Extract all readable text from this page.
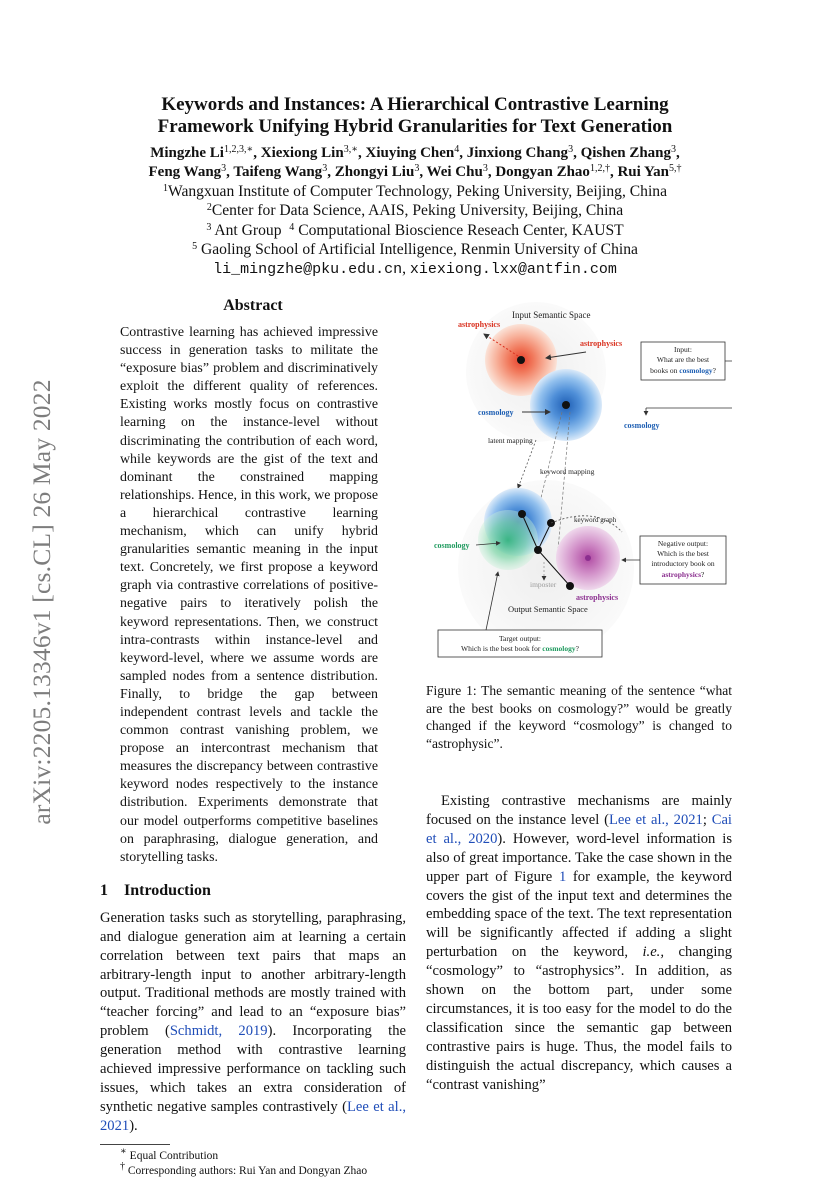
arXiv:2205.13346v1 [cs.CL] 26 May 2022
Keywords and Instances: A Hierarchical Contrastive Learning
Framework Unifying Hybrid Granularities for Text Generation
Mingzhe $Li^{1,2,3,∗}$, Xiexiong Lin$^{3,∗}$, Xiuying Chen$^4$, Jinxiong Chang$^3$, Qishen Zhang$^3$,
Feng Wang$^3$, Taifeng Wang$^3$, Zhongyi Liu$^3$, Wei Chu$^3$, Dongyan Zhao$^{1,2,\dagger}$, Rui Yan$^{5,\dagger}$
$^1$Wangxuan Institute of Computer Technology, Peking University, Beijing, China
$^2$Center for Data Science, AAIS, Peking University, Beijing, China
$^3$ Ant Group $^4$ Computational Bioscience Reseach Center, KAUST
$^5$ Gaoling School of Artificial Intelligence, Renmin University of China
li_mingzhe@pku.edu.cn, xiexiong.lxx@antfin.com
Abstract

Contrastive learning has achieved impressive success in generation tasks to militate the “exposure bias” problem and discriminatively exploit the different quality of references. Existing works mostly focus on contrastive learning on the instance-level without discriminating the contribution of each word, while keywords are the gist of the text and dominant the constrained mapping relationships. Hence, in this work, we propose a hierarchical contrastive learning mechanism, which can unify hybrid granularities semantic meaning in the input text. Concretely, we first propose a keyword graph via contrastive correlations of positive-negative pairs to iteratively polish the keyword representations. Then, we construct intra-contrasts within instance-level and keyword-level, where we assume words are sampled nodes from a sentence distribution. Finally, to bridge the gap between independent contrast levels and tackle the common contrast vanishing problem, we propose an intercontrast mechanism that measures the discrepancy between contrastive keyword nodes respectively to the instance distribution. Experiments demonstrate that our model outperforms competitive baselines on paraphrasing, dialogue generation, and storytelling tasks.

1 Introduction

Generation tasks such as storytelling, paraphrasing, and dialogue generation aim at learning a certain correlation between text pairs that maps an arbitrary-length input to another arbitrary-length output. Traditional methods are mostly trained with “teacher forcing” and lead to an “exposure bias” problem (Schmidt, 2019). Incorporating the generation method with contrastive learning achieved impressive performance on tackling such issues, which takes an extra consideration of synthetic negative samples contrastively (Lee et al., 2021).

∗ Equal Contribution
† Corresponding authors: Rui Yan and Dongyan Zhao
Input Semantic Space
astrophysics
astrophysics
cosmology
Input:
What are the best
books on cosmology?
cosmology
latent mapping
keyword mapping
keyword graph
cosmology
imposter
astrophysics
Output Semantic Space
Negative output:
Which is the best
introductory book on
astrophysics?
Target output:
Which is the best book for cosmology?

Figure 1: The semantic meaning of the sentence “what are the best books on cosmology?” would be greatly changed if the keyword “cosmology” is changed to “astrophysic”.

Existing contrastive mechanisms are mainly focused on the instance level (Lee et al., 2021; Cai et al., 2020). However, word-level information is also of great importance. Take the case shown in the upper part of Figure 1 for example, the keyword covers the gist of the input text and determines the embedding space of the text. The text representation will be significantly affected if adding a slight perturbation on the keyword, i.e., changing “cosmology” to “astrophysics”. In addition, as shown on the bottom part, under some circumstances, it is too easy for the model to do the classification since the semantic gap between contrastive pairs is huge. Thus, the model fails to distinguish the actual discrepancy, which causes a “contrast vanishing”
